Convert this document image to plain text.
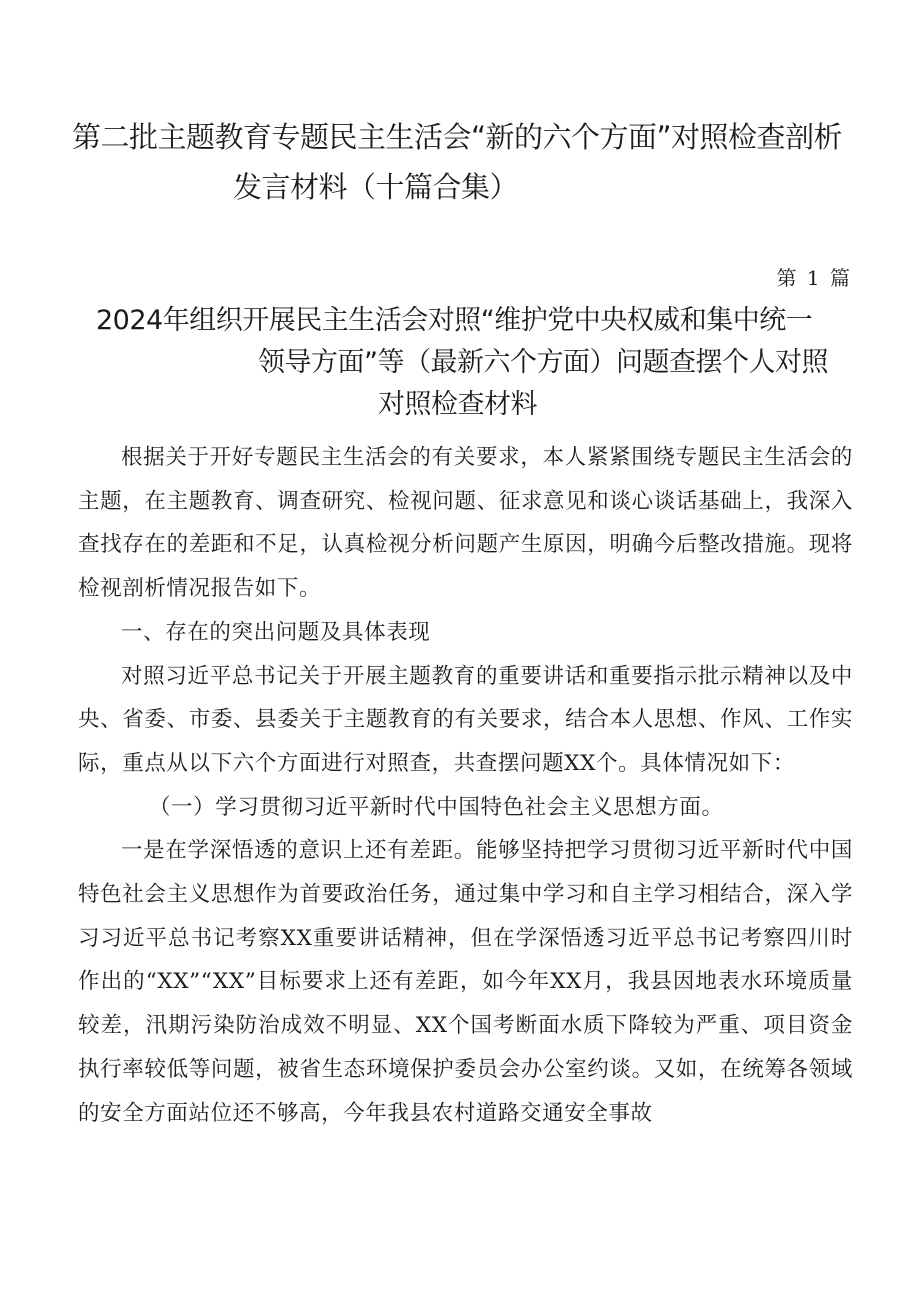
第二批主题教育专题民主生活会“新的六个方面”对照检查剖析
发言材料（十篇合集）
第 1 篇
2024年组织开展民主生活会对照“维护党中央权威和集中统一
领导方面”等（最新六个方面）问题查摆个人对照
对照检查材料

根据关于开好专题民主生活会的有关要求，本人紧紧围绕专题民主生活会的主题，在主题教育、调查研究、检视问题、征求意见和谈心谈话基础上，我深入查找存在的差距和不足，认真检视分析问题产生原因，明确今后整改措施。现将检视剖析情况报告如下。

一、存在的突出问题及具体表现

对照习近平总书记关于开展主题教育的重要讲话和重要指示批示精神以及中央、省委、市委、县委关于主题教育的有关要求，结合本人思想、作风、工作实际，重点从以下六个方面进行对照查，共查摆问题XX个。具体情况如下：

（一）学习贯彻习近平新时代中国特色社会主义思想方面。

一是在学深悟透的意识上还有差距。能够坚持把学习贯彻习近平新时代中国特色社会主义思想作为首要政治任务，通过集中学习和自主学习相结合，深入学习习近平总书记考察XX重要讲话精神，但在学深悟透习近平总书记考察四川时作出的“XX”“XX”目标要求上还有差距，如今年XX月，我县因地表水环境质量较差，汛期污染防治成效不明显、XX个国考断面水质下降较为严重、项目资金执行率较低等问题，被省生态环境保护委员会办公室约谈。又如，在统筹各领域的安全方面站位还不够高，今年我县农村道路交通安全事故
